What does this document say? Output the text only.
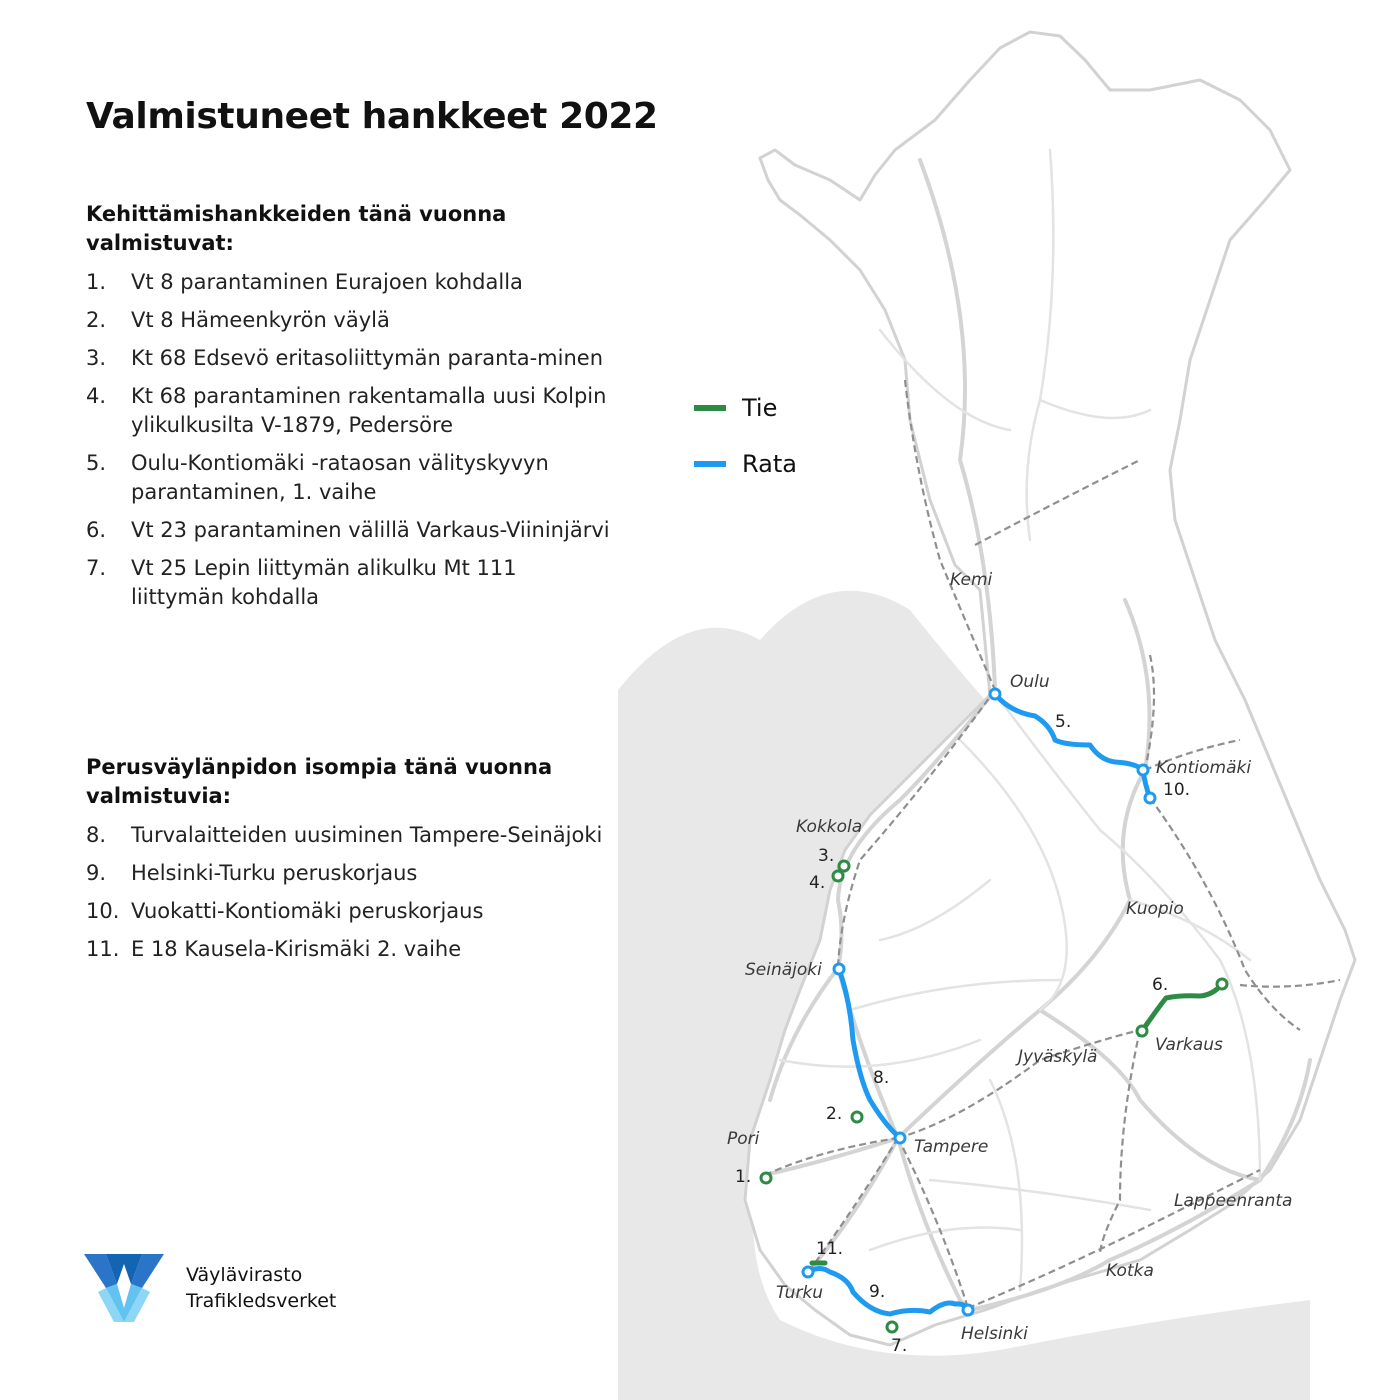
Kemi
Oulu
Kontiomäki
Kokkola
Kuopio
Seinäjoki
Varkaus
Jyväskylä
Pori	Tampere
Lappeenranta
Turku
Kotka
Helsinki
1.
2.
3.
4.
5.
6.
7.
8.
9.
10.
11.
Valmistuneet hankkeet 2022
Kehittämishankkeiden tänä vuonna valmistuvat:
1. Vt 8 parantaminen Eurajoen kohdalla
2. Vt 8 Hämeenkyrön väylä
3. Kt 68 Edsevö eritasoliittymän paranta-minen
4. Kt 68 parantaminen rakentamalla uusi Kolpin ylikulkusilta V-1879, Pedersöre
5. Oulu-Kontiomäki -rataosan välityskyvyn parantaminen, 1. vaihe
6. Vt 23 parantaminen välillä Varkaus-Viininjärvi
7. Vt 25 Lepin liittymän alikulku Mt 111 liittymän kohdalla
Perusväylänpidon isompia tänä vuonna valmistuvia:
8. Turvalaitteiden uusiminen Tampere-Seinäjoki
9. Helsinki-Turku peruskorjaus
10. Vuokatti-Kontiomäki peruskorjaus
11. E 18 Kausela-Kirismäki 2. vaihe
Tie
Rata
Väylävirasto
Trafikledsverket
